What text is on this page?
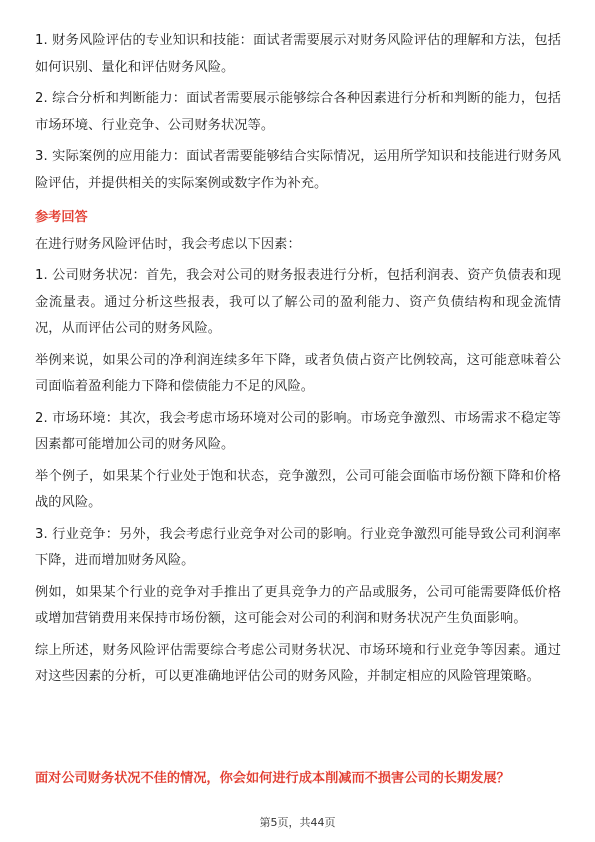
1. 财务风险评估的专业知识和技能：面试者需要展示对财务风险评估的理解和方法，包括如何识别、量化和评估财务风险。
2. 综合分析和判断能力：面试者需要展示能够综合各种因素进行分析和判断的能力，包括市场环境、行业竞争、公司财务状况等。
3. 实际案例的应用能力：面试者需要能够结合实际情况，运用所学知识和技能进行财务风险评估，并提供相关的实际案例或数字作为补充。
参考回答
在进行财务风险评估时，我会考虑以下因素：
1. 公司财务状况：首先，我会对公司的财务报表进行分析，包括利润表、资产负债表和现金流量表。通过分析这些报表，我可以了解公司的盈利能力、资产负债结构和现金流情况，从而评估公司的财务风险。
举例来说，如果公司的净利润连续多年下降，或者负债占资产比例较高，这可能意味着公司面临着盈利能力下降和偿债能力不足的风险。
2. 市场环境：其次，我会考虑市场环境对公司的影响。市场竞争激烈、市场需求不稳定等因素都可能增加公司的财务风险。
举个例子，如果某个行业处于饱和状态，竞争激烈，公司可能会面临市场份额下降和价格战的风险。
3. 行业竞争：另外，我会考虑行业竞争对公司的影响。行业竞争激烈可能导致公司利润率下降，进而增加财务风险。
例如，如果某个行业的竞争对手推出了更具竞争力的产品或服务，公司可能需要降低价格或增加营销费用来保持市场份额，这可能会对公司的利润和财务状况产生负面影响。
综上所述，财务风险评估需要综合考虑公司财务状况、市场环境和行业竞争等因素。通过对这些因素的分析，可以更准确地评估公司的财务风险，并制定相应的风险管理策略。
面对公司财务状况不佳的情况，你会如何进行成本削减而不损害公司的长期发展？
第5页，共44页
